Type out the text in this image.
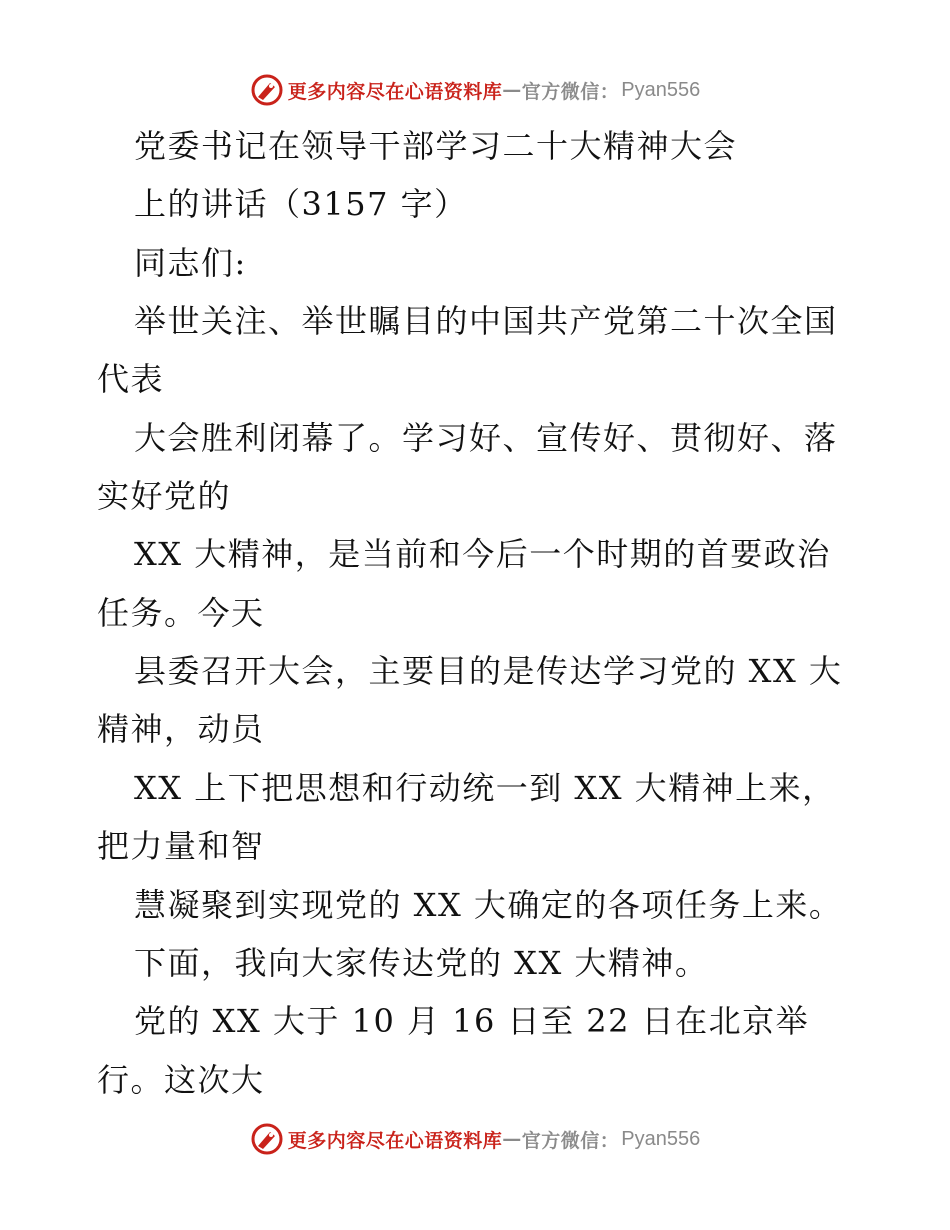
更多内容尽在心语资料库 — 官方微信： Pyan556
党委书记在领导干部学习二十大精神大会
上的讲话（3157 字）
同志们:
举世关注、举世瞩目的中国共产党第二十次全国
代表
大会胜利闭幕了。学习好、宣传好、贯彻好、落
实好党的
XX 大精神，是当前和今后一个时期的首要政治
任务。今天
县委召开大会，主要目的是传达学习党的 XX 大
精神，动员
XX 上下把思想和行动统一到 XX 大精神上来，
把力量和智
慧凝聚到实现党的 XX 大确定的各项任务上来。
下面，我向大家传达党的 XX 大精神。
党的 XX 大于 10 月 16 日至 22 日在北京举
行。这次大
更多内容尽在心语资料库 — 官方微信： Pyan556
